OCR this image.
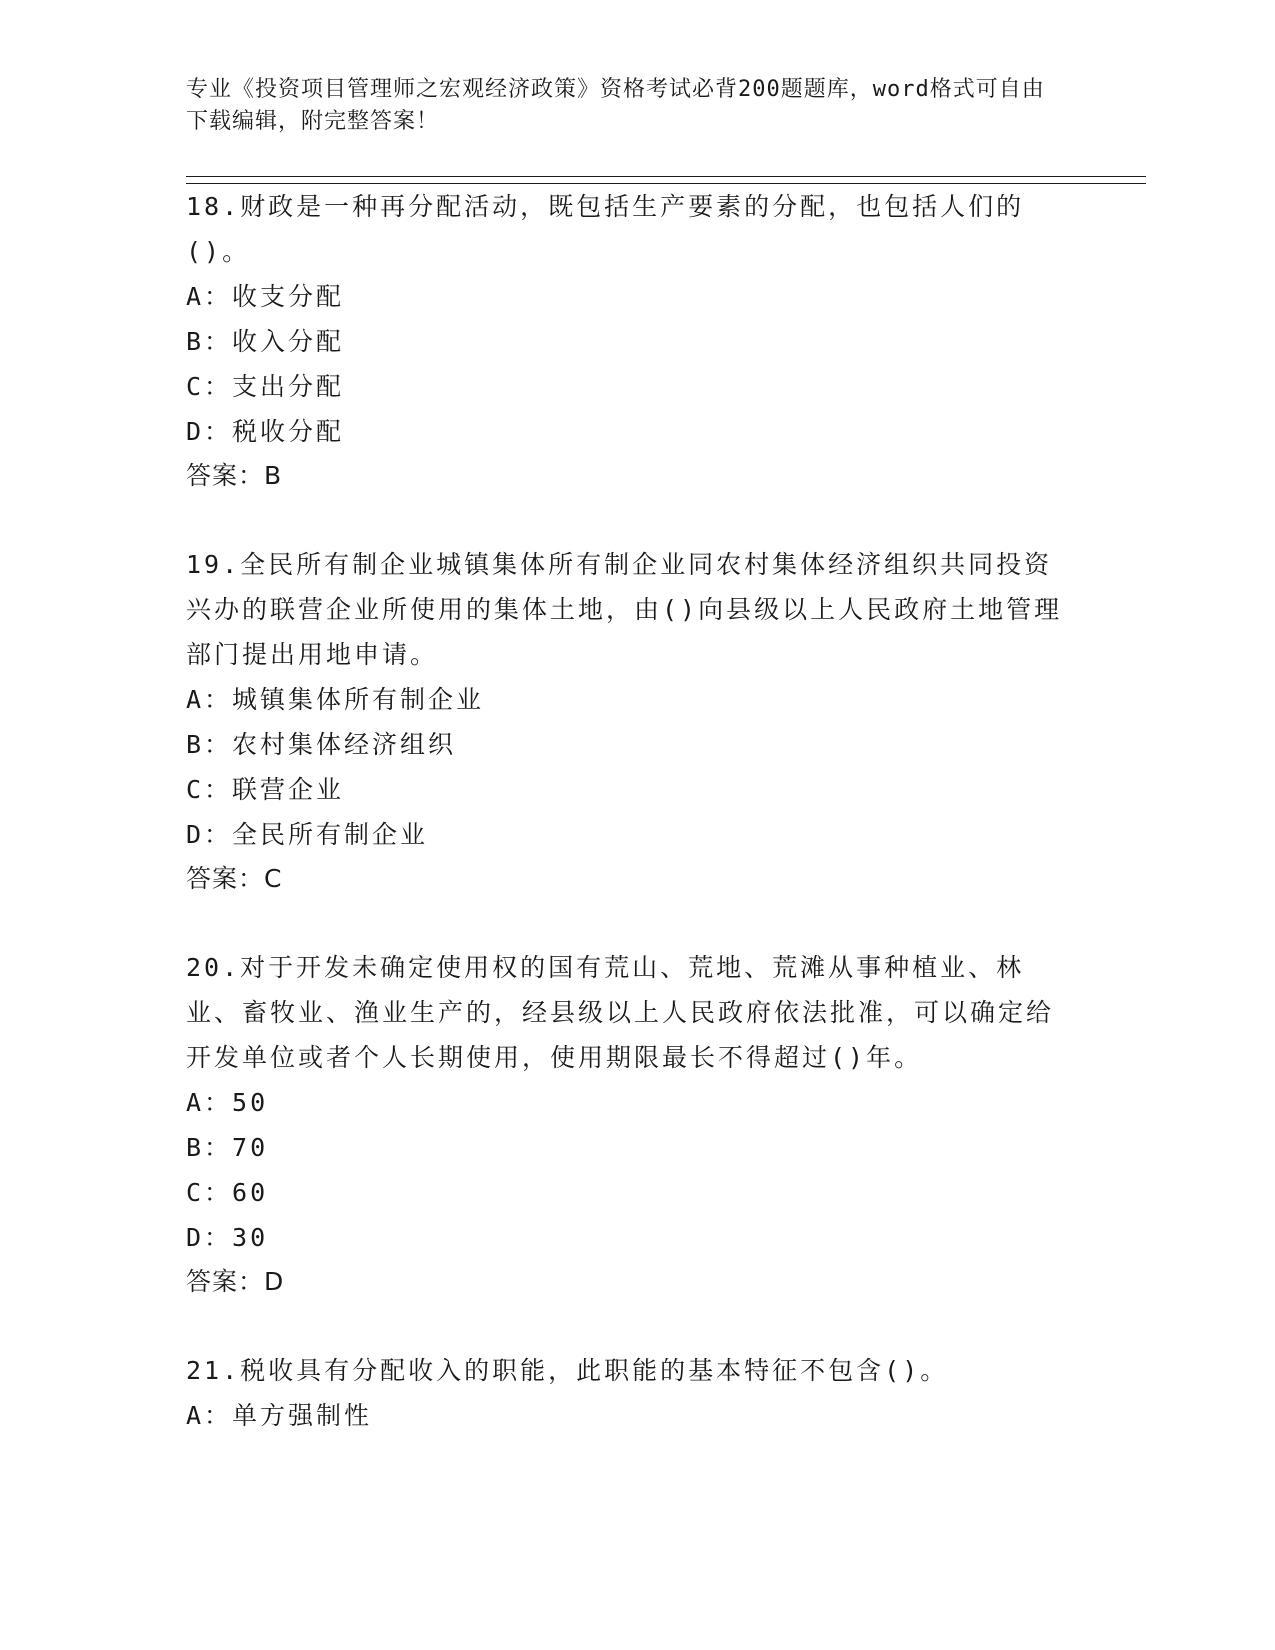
专业《投资项目管理师之宏观经济政策》资格考试必背200题题库，word格式可自由下载编辑，附完整答案！
18.财政是一种再分配活动，既包括生产要素的分配，也包括人们的()。
A：收支分配
B：收入分配
C：支出分配
D：税收分配
答案：B
19.全民所有制企业城镇集体所有制企业同农村集体经济组织共同投资兴办的联营企业所使用的集体土地，由()向县级以上人民政府土地管理部门提出用地申请。
A：城镇集体所有制企业
B：农村集体经济组织
C：联营企业
D：全民所有制企业
答案：C
20.对于开发未确定使用权的国有荒山、荒地、荒滩从事种植业、林业、畜牧业、渔业生产的，经县级以上人民政府依法批准，可以确定给开发单位或者个人长期使用，使用期限最长不得超过()年。
A：50
B：70
C：60
D：30
答案：D
21.税收具有分配收入的职能，此职能的基本特征不包含()。
A：单方强制性
